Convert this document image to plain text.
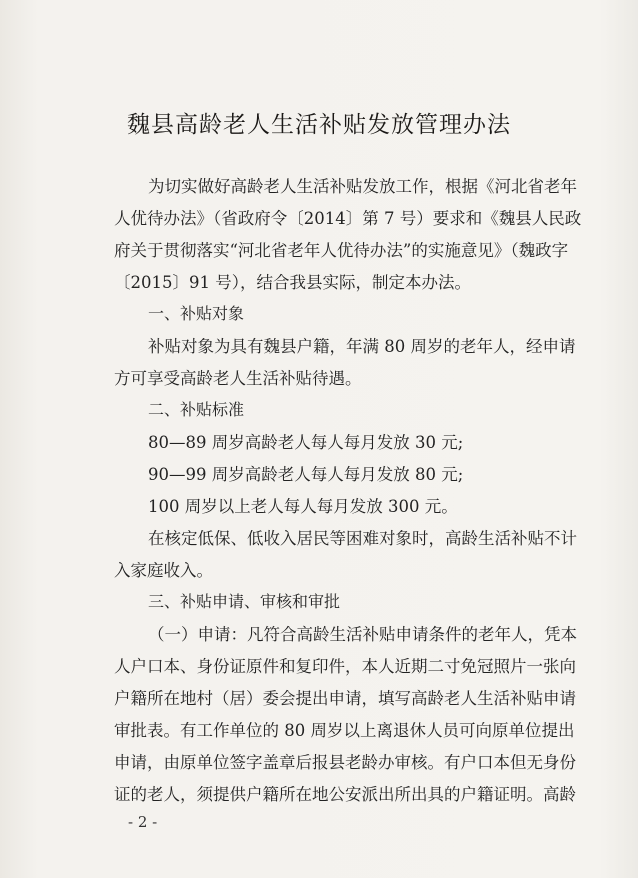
魏县高龄老人生活补贴发放管理办法
为切实做好高龄老人生活补贴发放工作，根据《河北省老年
人优待办法》（省政府令〔2014〕第 7 号）要求和《魏县人民政
府关于贯彻落实“河北省老年人优待办法”的实施意见》（魏政字
〔2015〕91 号），结合我县实际，制定本办法。
一、补贴对象
补贴对象为具有魏县户籍，年满 80 周岁的老年人，经申请
方可享受高龄老人生活补贴待遇。
二、补贴标准
80—89 周岁高龄老人每人每月发放 30 元;
90—99 周岁高龄老人每人每月发放 80 元;
100 周岁以上老人每人每月发放 300 元。
在核定低保、低收入居民等困难对象时，高龄生活补贴不计
入家庭收入。
三、补贴申请、审核和审批
（一）申请：凡符合高龄生活补贴申请条件的老年人，凭本
人户口本、身份证原件和复印件，本人近期二寸免冠照片一张向
户籍所在地村（居）委会提出申请，填写高龄老人生活补贴申请
审批表。有工作单位的 80 周岁以上离退休人员可向原单位提出
申请，由原单位签字盖章后报县老龄办审核。有户口本但无身份
证的老人，须提供户籍所在地公安派出所出具的户籍证明。高龄
- 2 -
